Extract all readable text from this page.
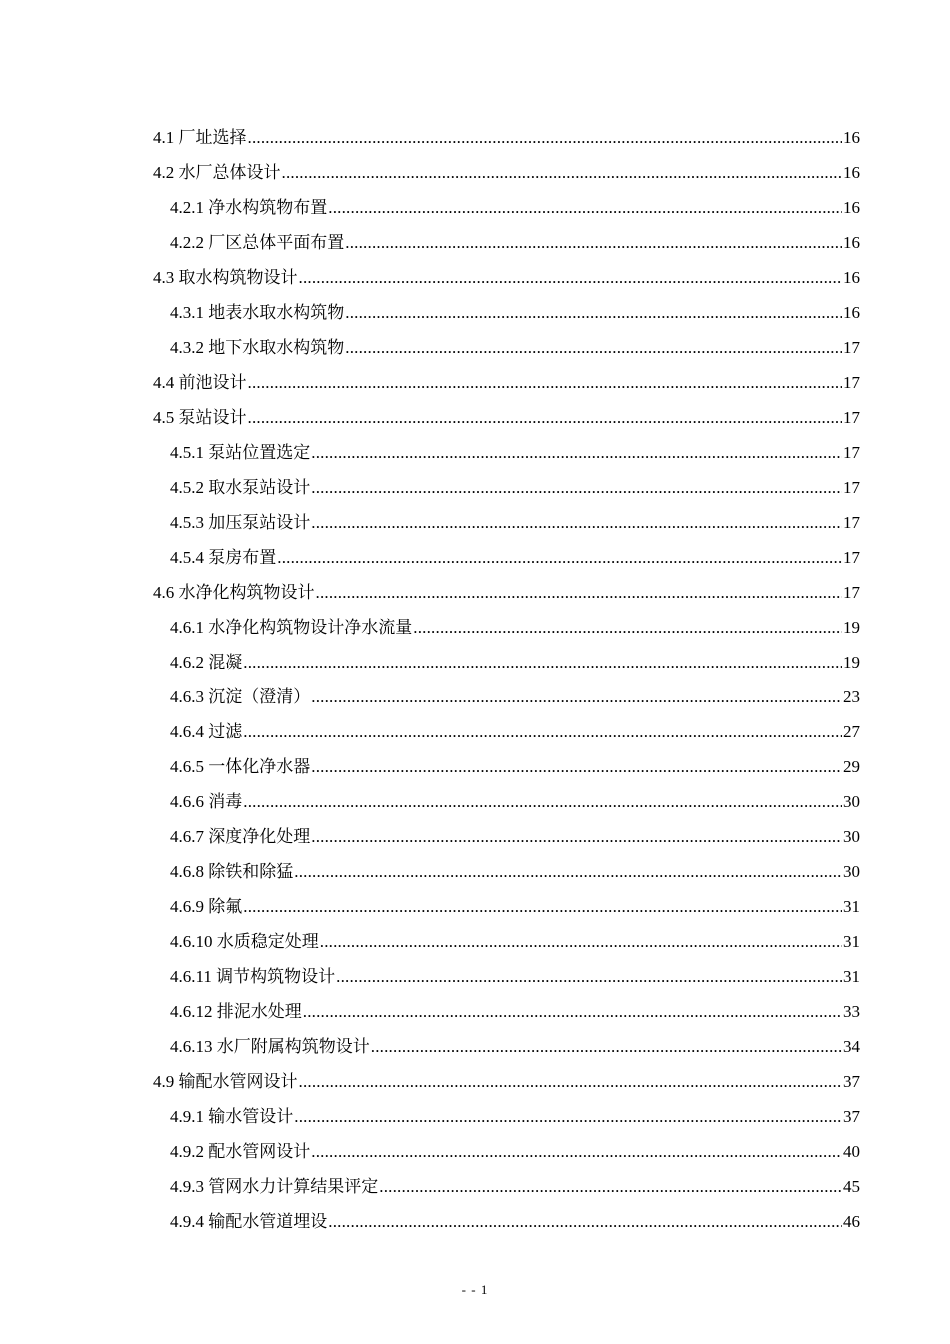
4.1 厂址选择 .....	16
4.2 水厂总体设计 .....	16
4.2.1 净水构筑物布置 .....	16
4.2.2 厂区总体平面布置 .....	16
4.3 取水构筑物设计 .....	16
4.3.1 地表水取水构筑物 .....	16
4.3.2 地下水取水构筑物 .....	17
4.4 前池设计 .....	17
4.5 泵站设计 .....	17
4.5.1 泵站位置选定 .....	17
4.5.2 取水泵站设计 .....	17
4.5.3 加压泵站设计 .....	17
4.5.4 泵房布置 .....	17
4.6 水净化构筑物设计 .....	17
4.6.1 水净化构筑物设计净水流量 .....	19
4.6.2 混凝 .....	19
4.6.3 沉淀（澄清） .....	23
4.6.4 过滤 .....	27
4.6.5 一体化净水器 .....	29
4.6.6 消毒 .....	30
4.6.7 深度净化处理 .....	30
4.6.8 除铁和除猛 .....	30
4.6.9 除氟 .....	31
4.6.10 水质稳定处理 .....	31
4.6.11 调节构筑物设计 .....	31
4.6.12 排泥水处理 .....	33
4.6.13 水厂附属构筑物设计 .....	34
4.9 输配水管网设计 .....	37
4.9.1 输水管设计 .....	37
4.9.2 配水管网设计 .....	40
4.9.3 管网水力计算结果评定 .....	45
4.9.4 输配水管道埋设 .....	46
- - 1
